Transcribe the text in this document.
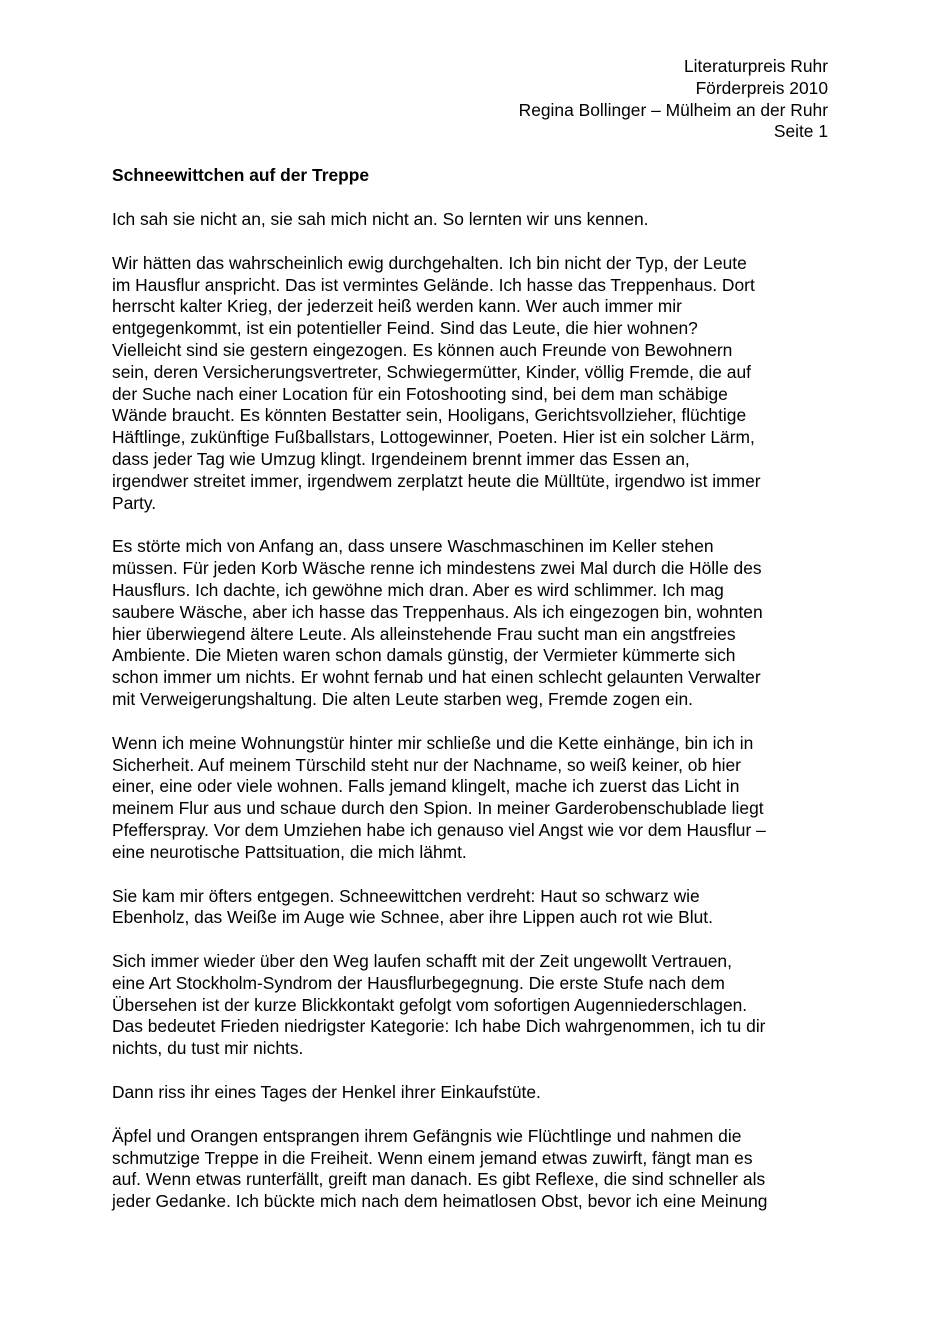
Literaturpreis Ruhr
Förderpreis 2010
Regina Bollinger – Mülheim an der Ruhr
Seite 1
Schneewittchen auf der Treppe
Ich sah sie nicht an, sie sah mich nicht an. So lernten wir uns kennen.
Wir hätten das wahrscheinlich ewig durchgehalten. Ich bin nicht der Typ, der Leute
im Hausflur anspricht. Das ist vermintes Gelände. Ich hasse das Treppenhaus. Dort
herrscht kalter Krieg, der jederzeit heiß werden kann. Wer auch immer mir
entgegenkommt, ist ein potentieller Feind. Sind das Leute, die hier wohnen?
Vielleicht sind sie gestern eingezogen. Es können auch Freunde von Bewohnern
sein, deren Versicherungsvertreter, Schwiegermütter, Kinder, völlig Fremde, die auf
der Suche nach einer Location für ein Fotoshooting sind, bei dem man schäbige
Wände braucht. Es könnten Bestatter sein, Hooligans, Gerichtsvollzieher, flüchtige
Häftlinge, zukünftige Fußballstars, Lottogewinner, Poeten. Hier ist ein solcher Lärm,
dass jeder Tag wie Umzug klingt. Irgendeinem brennt immer das Essen an,
irgendwer streitet immer, irgendwem zerplatzt heute die Mülltüte, irgendwo ist immer
Party.
Es störte mich von Anfang an, dass unsere Waschmaschinen im Keller stehen
müssen. Für jeden Korb Wäsche renne ich mindestens zwei Mal durch die Hölle des
Hausflurs. Ich dachte, ich gewöhne mich dran. Aber es wird schlimmer. Ich mag
saubere Wäsche, aber ich hasse das Treppenhaus. Als ich eingezogen bin, wohnten
hier überwiegend ältere Leute. Als alleinstehende Frau sucht man ein angstfreies
Ambiente. Die Mieten waren schon damals günstig, der Vermieter kümmerte sich
schon immer um nichts. Er wohnt fernab und hat einen schlecht gelaunten Verwalter
mit Verweigerungshaltung. Die alten Leute starben weg, Fremde zogen ein.
Wenn ich meine Wohnungstür hinter mir schließe und die Kette einhänge, bin ich in
Sicherheit. Auf meinem Türschild steht nur der Nachname, so weiß keiner, ob hier
einer, eine oder viele wohnen. Falls jemand klingelt, mache ich zuerst das Licht in
meinem Flur aus und schaue durch den Spion. In meiner Garderobenschublade liegt
Pfefferspray. Vor dem Umziehen habe ich genauso viel Angst wie vor dem Hausflur –
eine neurotische Pattsituation, die mich lähmt.
Sie kam mir öfters entgegen. Schneewittchen verdreht: Haut so schwarz wie
Ebenholz, das Weiße im Auge wie Schnee, aber ihre Lippen auch rot wie Blut.
Sich immer wieder über den Weg laufen schafft mit der Zeit ungewollt Vertrauen,
eine Art Stockholm-Syndrom der Hausflurbegegnung. Die erste Stufe nach dem
Übersehen ist der kurze Blickkontakt gefolgt vom sofortigen Augenniederschlagen.
Das bedeutet Frieden niedrigster Kategorie: Ich habe Dich wahrgenommen, ich tu dir
nichts, du tust mir nichts.
Dann riss ihr eines Tages der Henkel ihrer Einkaufstüte.
Äpfel und Orangen entsprangen ihrem Gefängnis wie Flüchtlinge und nahmen die
schmutzige Treppe in die Freiheit. Wenn einem jemand etwas zuwirft, fängt man es
auf. Wenn etwas runterfällt, greift man danach. Es gibt Reflexe, die sind schneller als
jeder Gedanke. Ich bückte mich nach dem heimatlosen Obst, bevor ich eine Meinung
